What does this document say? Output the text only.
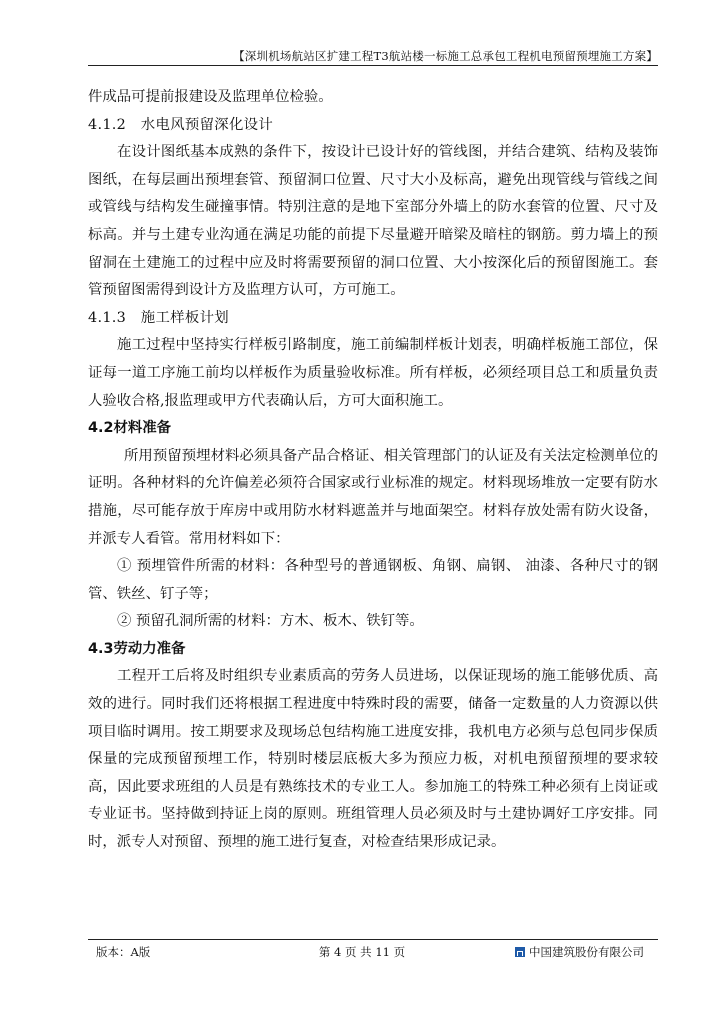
【深圳机场航站区扩建工程T3航站楼一标施工总承包工程机电预留预埋施工方案】

件成品可提前报建设及监理单位检验。

4.1.2　水电风预留深化设计

在设计图纸基本成熟的条件下，按设计已设计好的管线图，并结合建筑、结构及装饰图纸，在每层画出预埋套管、预留洞口位置、尺寸大小及标高，避免出现管线与管线之间或管线与结构发生碰撞事情。特别注意的是地下室部分外墙上的防水套管的位置、尺寸及标高。并与土建专业沟通在满足功能的前提下尽量避开暗梁及暗柱的钢筋。剪力墙上的预留洞在土建施工的过程中应及时将需要预留的洞口位置、大小按深化后的预留图施工。套管预留图需得到设计方及监理方认可，方可施工。

4.1.3　施工样板计划

施工过程中坚持实行样板引路制度，施工前编制样板计划表，明确样板施工部位，保证每一道工序施工前均以样板作为质量验收标准。所有样板，必须经项目总工和质量负责人验收合格,报监理或甲方代表确认后，方可大面积施工。

4.2材料准备

所用预留预埋材料必须具备产品合格证、相关管理部门的认证及有关法定检测单位的证明。各种材料的允许偏差必须符合国家或行业标准的规定。材料现场堆放一定要有防水措施，尽可能存放于库房中或用防水材料遮盖并与地面架空。材料存放处需有防火设备，并派专人看管。常用材料如下：

① 预埋管件所需的材料：各种型号的普通钢板、角钢、扁钢、 油漆、各种尺寸的钢管、铁丝、钉子等；

② 预留孔洞所需的材料：方木、板木、铁钉等。

4.3劳动力准备

工程开工后将及时组织专业素质高的劳务人员进场，以保证现场的施工能够优质、高效的进行。同时我们还将根据工程进度中特殊时段的需要，储备一定数量的人力资源以供项目临时调用。按工期要求及现场总包结构施工进度安排，我机电方必须与总包同步保质保量的完成预留预埋工作，特别时楼层底板大多为预应力板，对机电预留预埋的要求较高，因此要求班组的人员是有熟练技术的专业工人。参加施工的特殊工种必须有上岗证或专业证书。坚持做到持证上岗的原则。班组管理人员必须及时与土建协调好工序安排。同时，派专人对预留、预埋的施工进行复查，对检查结果形成记录。

版本：A版	第 4 页 共 11 页	中国建筑股份有限公司
